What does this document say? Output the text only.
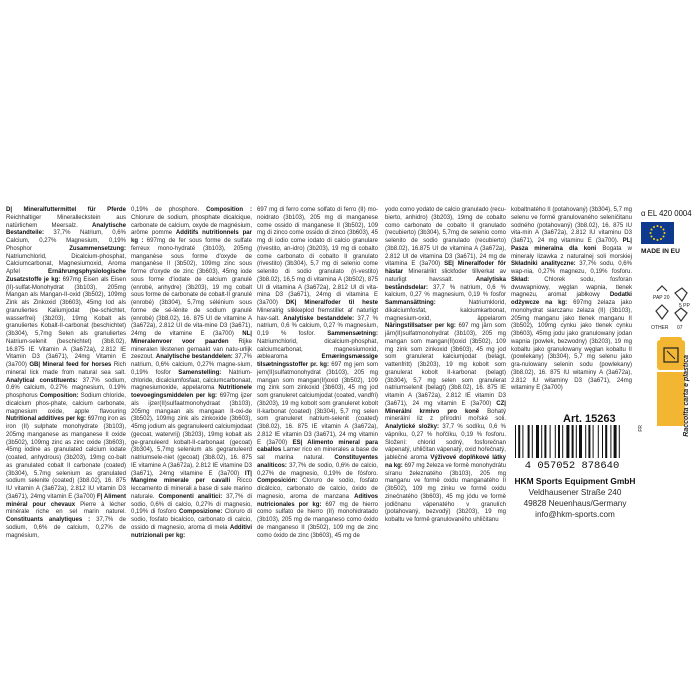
D| Mineralfuttermittel für Pferde Reichhaltiger Mineralleckstein aus natürlichem Meersalz. Analytische Bestandteile: 37,7% Natrium, 0,6% Calcium, 0,27% Magnesium, 0,19% Phosphor Zusammensetzung: Natriumchlorid, Dicalcium-phosphat, Calciumcarbonat, Magnesiumoxid, Aroma Apfel Ernährungsphysiologische Zusatzstoffe je kg: 697mg Eisen als Eisen (II)-sulfat-Monohydrat (3b103), 205mg Mangan als Mangan-II-oxid (3b502), 109mg Zink als Zinkoxid (3b603), 45mg Iod als granuliertes Kaliumjodat (be-schichtet, wasserfrei) (3b203), 19mg Kobalt als granuliertes Kobalt-II-carbonat (beschichtet) (3b304), 5,7mg Selen als granuliertes Natrium-selenit (beschichtet) (3b8.02), 16.875 IE Vitamin A (3a672a), 2.812 IE Vitamin D3 (3a671), 24mg Vitamin E (3a700) GB| Mineral feed for horses Rich mineral lick made from natural sea salt. Analytical constituents: 37.7% sodium, 0.6% calcium, 0.27% magnesium, 0.19% phosphorus Composition: Sodium chloride, dicalcium phos-phate, calcium carbonate, magnesium oxide, apple flavouring Nutritional additives per kg: 697mg iron as iron (II) sulphate monohydrate (3b103), 205mg manganese as manganese II oxide (3b502), 109mg zinc as zinc oxide (3b603), 45mg iodine as granulated calcium iodate (coated, anhydrous) (3b203), 19mg co-balt as granulated cobalt II carbonate (coated) (3b304), 5.7mg selenium as granulated sodium selenite (coated) (3b8.02), 16. 875 IU vitamin A (3a672a), 2.812 IU vitamin D3 (3a671), 24mg vitamin E (3a700) F| Aliment minéral pour chevaux Pierre à lécher minérale riche en sel marin naturel. Constituants analytiques : 37,7% de sodium, 0,6% de calcium, 0,27% de magnésium,

0,19% de phosphore. Composition : Chlorure de sodium, phosphate dicalcique, carbonate de calcium, oxyde de magnésium, arôme pomme Additifs nutritionnels par kg : 697mg de fer sous forme de sulfate ferreux mono-hydraté (3b103), 205mg manganèse sous forme d'oxyde de manganèse II (3b502), 109mg zinc sous forme d'oxyde de zinc (3b603), 45mg iode sous forme d'iodate de calcium granulé (enrobé, anhydre) (3b203), 19 mg cobalt sous forme de carbonate de cobalt-II granulé (enrobé) (3b304), 5,7mg sélénium sous forme de sé-lénite de sodium granulé (enrobé) (3b8.02), 16. 875 UI de vitamine A (3a672a), 2.812 UI de vita-mine D3 (3a671), 24mg de vitamine E (3a700) NL| Mineralenvoer voor paarden Rijke mineralen likstenen gemaakt van natu-urlijk zeezout. Analytische bestanddelen: 37,7% natrium, 0,6% calcium, 0,27% magne-sium, 0,19% fosfor Samenstelling: Natrium-chloride, dicalciumfosfaat, calciumcarbonaat, magnesiumoxide, appelaroma Nutritionele toevoegingsmiddelen per kg: 697mg ijzer als ijzer(II)sulfaatmonohydraat (3b103), 205mg mangaan als mangaan II-oxi-de (3b502), 109mg zink als zinkoxide (3b603), 45mg jodium als gegranuleerd calciumjodaat (gecoat, watervrij) (3b203), 19mg kobalt als ge-granuleerd kobalt-II-carbonaat (gecoat) (3b304), 5,7mg selenium als gegranuleerd natriumsele-niet (gecoat) (3b8.02), 16. 875 IE vitamine A (3a672a), 2.812 IE vitamine D3 (3a671), 24mg vitamine E (3a700) IT| Mangime minerale per cavalli Ricco leccamento di minerali a base di sale marino naturale. Componenti analitici: 37,7% di sodio, 0,6% di calcio, 0,27% di magnesio, 0,19% di fosforo Composizione: Cloruro di sodio, fosfato bicalcico, carbonato di calcio, ossido di magnesio, aroma di mela Additivi nutrizionali per kg:

697 mg di ferro come solfato di ferro (II) mo-noidrato (3b103), 205 mg di manganese come ossido di manganese II (3b502), 109 mg di zinco come ossido di zinco (3b603), 45 mg di iodio come iodato di calcio granulare (rivestito, an-idro) (3b203), 19 mg di cobalto come carbonato di cobalto II granulato (rivestito) (3b304), 5,7 mg di selenio come selenito di sodio granulato (ri-vestito) (3b8.02), 16,5 mg di vitamina A (3b502), 875 UI di vitamina A (3a672a), 2.812 UI di vita-mina D3 (3a671), 24mg di vitamina E (3a700) DK| Mineralfoder til heste Mineralrig slikkeplod fremstillet af naturligt hav-salt. Analytiske bestanddele: 37,7 % natrium, 0,6 % calcium, 0,27 % magnesium, 0,19 % fosfor. Sammensætning: Natriumchlorid, dicalcium-phosphat, calciumcarbonat, magnesiumoxid, æblearoma Ernæringsmæssige tilsætningsstoffer pr. kg: 697 mg jern som jern(II)sulfatmonohydrat (3b103), 205 mg mangan som mangan(II)oxid (3b502), 109 mg zink som zinkoxid (3b603), 45 mg jod som granuleret calciumjodat (coated, vandfri) (3b203), 19 mg kobolt som granuleret kobolt II-karbonat (coated) (3b304), 5,7 mg selen som granuleret natrium-selenit (coated) (3b8.02), 16. 875 IE vitamin A (3a672a), 2.812 IE vitamin D3 (3a671), 24 mg vitamin E (3a700) ES| Alimento mineral para caballos Lamer rico en minerales a base de sal marina natural. Constituyentes analíticos: 37,7% de sodio, 0,6% de calcio, 0,27% de magnesio, 0,19% de fósforo. Composición: Cloruro de sodio, fosfato dicálcico, carbonato de calcio, óxido de magnesio, aroma de manzana Aditivos nutricionales por kg: 697 mg de hierro como sulfato de hierro (II) monohidratado (3b103), 205 mg de manganeso como óxido de manganeso II (3b502), 109 mg de zinc como óxido de zinc (3b603), 45 mg de

yodo como yodato de calcio granulado (recu-bierto, anhidro) (3b203), 19mg de cobalto como carbonato de cobalto II granulado (recubierto) (3b304), 5,7mg de selenio como selenito de sodio granulado (recubierto) (3b8.02), 16.875 UI de vitamina A (3a672a), 2.812 UI de vitamina D3 (3a671), 24 mg de vitamina E (3a700) SE| Mineralfoder för hästar Mineralrikt slickfoder tillverkat av naturligt havssalt. Analytiska beståndsdelar: 37,7 % natrium, 0,6 % kalcium, 0,27 % magnesium, 0,19 % fosfor Sammansättning: Natriumklorid, dikalciumfosfat, kalciumkarbonat, magnesium-oxid, äppelarom Näringstillsatser per kg: 697 mg järn som järn(II)sulfatmonohydrat (3b103), 205 mg mangan som mangan(II)oxid (3b502), 109 mg zink som zinkoxid (3b603), 45 mg jod som granulerat kalciumjodat (belagt, vattenfritt) (3b203), 19 mg kobolt som granulerat kobolt II-karbonat (belagt) (3b304), 5,7 mg selen som granulerat natriumselenit (belagt) (3b8.02), 16. 875 IE vitamin A (3a672a), 2.812 IE vitamin D3 (3a671), 24 mg vitamin E (3a700) CZ| Minerální krmivo pro koně Bohatý minerální liz z přírodní mořské soli. Analytické složky: 37,7 % sodíku, 0,6 % vápníku, 0,27 % hořčíku, 0,19 % fosforu. Složení: chlorid sodný, fosforečnan vápenatý, uhličitan vápenatý, oxid hořečnatý, jablečné aroma Výživové doplňkové látky na kg: 697 mg železa ve formě monohydrátu síranu železnatého (3b103), 205 mg manganu ve formě oxidu manganatého II (3b502), 109 mg zinku ve formě oxidu zinečnatého (3b603), 45 mg jódu ve formě jodičnanu vápenatého v granulích (potahovaný, bezvodý) (3b203), 19 mg kobaltu ve formě granulovaného uhličitanu

kobaltnatého II (potahovaný) (3b304), 5,7 mg selenu ve formě granulovaného seleničitanu sodného (potahovaný) (3b8.02), 16. 875 IU vita-min A (3a672a), 2.812 IU vitaminu D3 (3a671), 24 mg vitaminu E (3a700). PL| Pasza mineralna dla koni Bogata w minerały lizawka z naturalnej soli morskiej Składniki analityczne: 37,7% sodu, 0,6% wap-nia, 0,27% magnezu, 0,19% fosforu. Skład: Chlorek sodu, fosforan dwuwapniowy, węglan wapnia, tlenek magnezu, aromat jabłkowy Dodatki odżywcze na kg: 697mg żelaza jako monohydrat siarczanu żelaza (II) (3b103), 205mg manganu jako tlenek manganu II (3b502), 109mg cynku jako tlenek cynku (3b603), 45mg jodu jako granulowany jodan wapnia (powlek, bezwodny) (3b203), 19 mg kobaltu jako granulowany węglan kobaltu II (powlekany) (3b304), 5,7 mg selenu jako gra-nulowany selenin sodu (powlekany) (3b8.02), 16. 875 IU witaminy A (3a672a), 2.812 IU witaminy D3 (3a671), 24mg witaminy E (3a700)

α EL 420 0004
MADE IN EU
PAP 20
5 PP
OTHER 07
Raccolta carta e plastica
Art. 15263
FR
4 057052 878640
HKM Sports Equipment GmbH
Veldhausener Straße 240
49828 Neuenhaus/Germany
info@hkm-sports.com
